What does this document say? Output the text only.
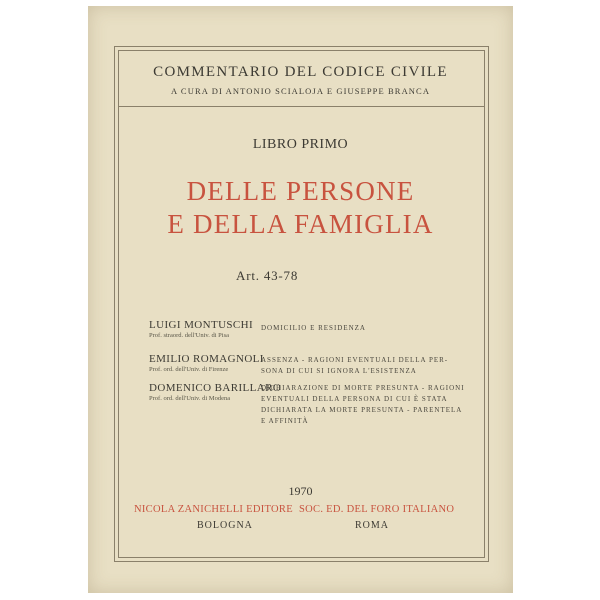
COMMENTARIO DEL CODICE CIVILE
A CURA DI ANTONIO SCIALOJA E GIUSEPPE BRANCA
LIBRO PRIMO
DELLE PERSONE
E DELLA FAMIGLIA
Art. 43-78
LUIGI MONTUSCHI
Prof. straord. dell'Univ. di Pisa
DOMICILIO E RESIDENZA
EMILIO ROMAGNOLI
Prof. ord. dell'Univ. di Firenze
ASSENZA - RAGIONI EVENTUALI DELLA PER-
SONA DI CUI SI IGNORA L'ESISTENZA
DOMENICO BARILLARO
Prof. ord. dell'Univ. di Modena
DICHIARAZIONE DI MORTE PRESUNTA - RAGIONI
EVENTUALI DELLA PERSONA DI CUI È STATA
DICHIARATA LA MORTE PRESUNTA - PARENTELA
E AFFINITÀ
1970
NICOLA ZANICHELLI EDITORE SOC. ED. DEL FORO ITALIANO
BOLOGNA	ROMA
